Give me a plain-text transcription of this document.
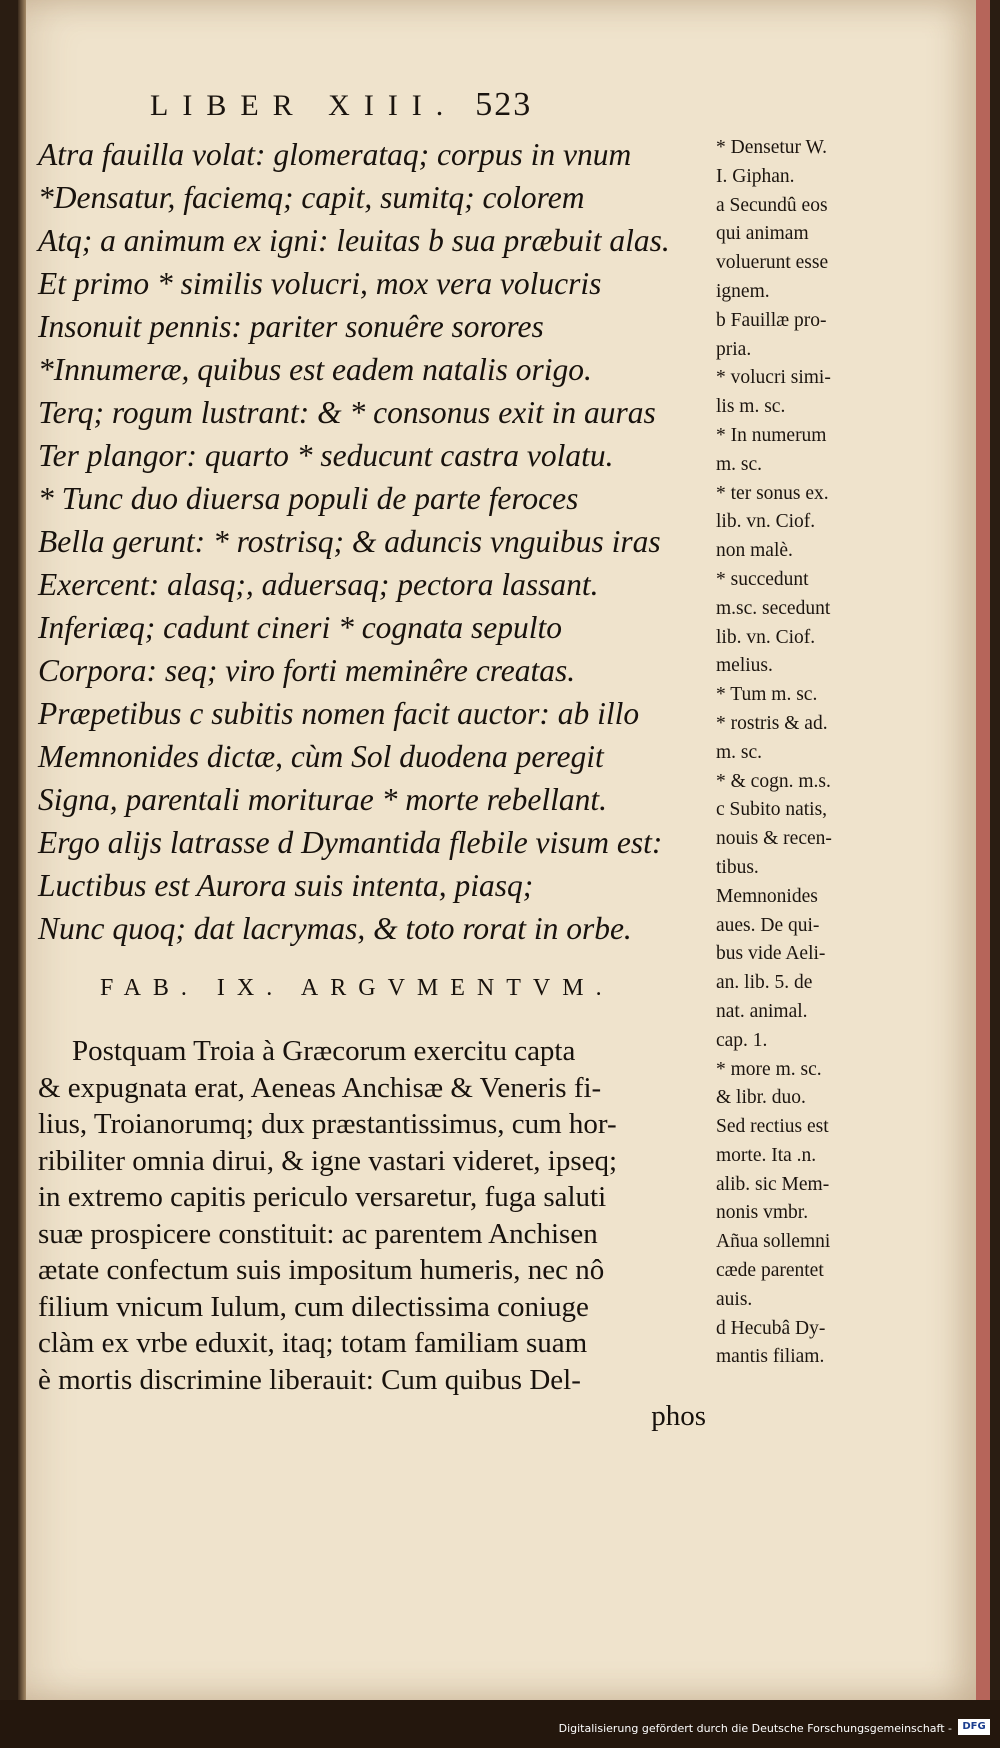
LIBER XIII. 523
Atra fauilla volat: glomerataq; corpus in vnum
*Densatur, faciemq; capit, sumitq; colorem
Atq; a animum ex igni: leuitas b sua præbuit alas.
Et primo * similis volucri, mox vera volucris
Insonuit pennis: pariter sonuêre sorores
*Innumeræ, quibus est eadem natalis origo.
Terq; rogum lustrant: & * consonus exit in auras
Ter plangor: quarto * seducunt castra volatu.
* Tunc duo diuersa populi de parte feroces
Bella gerunt: * rostrisq; & aduncis vnguibus iras
Exercent: alasq;, aduersaq; pectora lassant.
Inferiæq; cadunt cineri * cognata sepulto
Corpora: seq; viro forti meminêre creatas.
Præpetibus c subitis nomen facit auctor: ab illo
Memnonides dictæ, cùm Sol duodena peregit
Signa, parentali moriturae * morte rebellant.
Ergo alijs latrasse d Dymantida flebile visum est:
Luctibus est Aurora suis intenta, piasq;
Nunc quoq; dat lacrymas, & toto rorat in orbe.
FAB. IX. ARGVMENTVM.
Postquam Troia à Græcorum exercitu capta
& expugnata erat, Aeneas Anchisæ & Veneris fi-
lius, Troianorumq; dux præstantissimus, cum hor-
ribiliter omnia dirui, & igne vastari videret, ipseq;
in extremo capitis periculo versaretur, fuga saluti
suæ prospicere constituit: ac parentem Anchisen
ætate confectum suis impositum humeris, nec nô
filium vnicum Iulum, cum dilectissima coniuge
clàm ex vrbe eduxit, itaq; totam familiam suam
è mortis discrimine liberauit: Cum quibus Del-
phos
* Densetur W.
I. Giphan.
a Secundû eos
qui animam
voluerunt esse
ignem.
b Fauillæ pro-
pria.
* volucri simi-
lis m. sc.
* In numerum
m. sc.
* ter sonus ex.
lib. vn. Ciof.
non malè.
* succedunt
m.sc. secedunt
lib. vn. Ciof.
melius.
* Tum m. sc.
* rostris & ad.
m. sc.
* & cogn. m.s.
c Subito natis,
nouis & recen-
tibus.
Memnonides
aues. De qui-
bus vide Aeli-
an. lib. 5. de
nat. animal.
cap. 1.
* more m. sc.
& libr. duo.
Sed rectius est
morte. Ita .n.
alib. sic Mem-
nonis vmbr.
Añua sollemni
cæde parentet
auis.
d Hecubâ Dy-
mantis filiam.
Digitalisierung gefördert durch die Deutsche Forschungsgemeinschaft -	DFG
